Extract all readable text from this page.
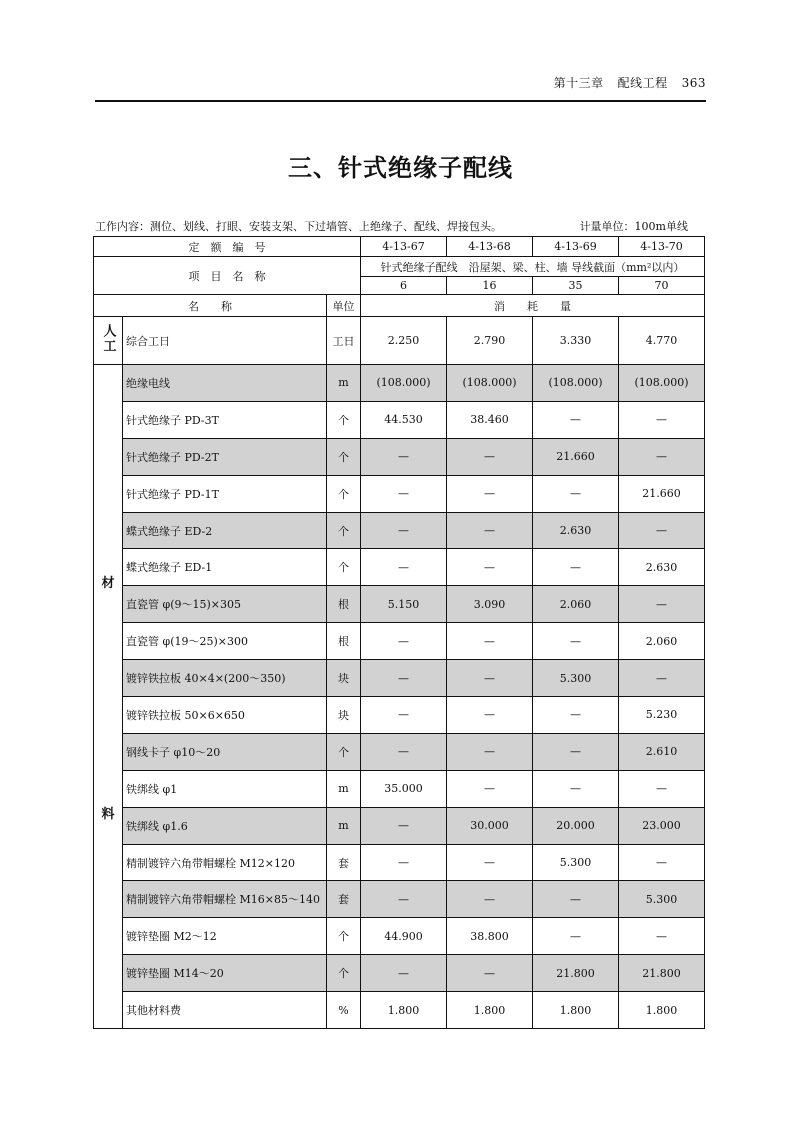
第十三章 配线工程 363
三、针式绝缘子配线
工作内容：测位、划线、打眼、安装支架、下过墙管、上绝缘子、配线、焊接包头。	计量单位：100m单线
定　额　编　号			4-13-67	4-13-68	4-13-69	4-13-70
项　目　名　称			针式绝缘子配线　沿屋架、梁、柱、墙 导线截面（mm²以内）			
			6	16	35	70
名　　称		单位	消　　耗　　量			
人工	综合工日	工日	2.250	2.790	3.330	4.770

材
料	绝缘电线	m	(108.000)	(108.000)	(108.000)	(108.000)
	针式绝缘子 PD-3T	个	44.530	38.460	—	—
	针式绝缘子 PD-2T	个	—	—	21.660	—
	针式绝缘子 PD-1T	个	—	—	—	21.660
	蝶式绝缘子 ED-2	个	—	—	2.630	—
	蝶式绝缘子 ED-1	个	—	—	—	2.630
	直瓷管 φ(9～15)×305	根	5.150	3.090	2.060	—
	直瓷管 φ(19～25)×300	根	—	—	—	2.060
	镀锌铁拉板 40×4×(200～350)	块	—	—	5.300	—
	镀锌铁拉板 50×6×650	块	—	—	—	5.230
	钢线卡子 φ10～20	个	—	—	—	2.610
	铁绑线 φ1	m	35.000	—	—	—
	铁绑线 φ1.6	m	—	30.000	20.000	23.000
	精制镀锌六角带帽螺栓 M12×120	套	—	—	5.300	—
	精制镀锌六角带帽螺栓 M16×85～140	套	—	—	—	5.300
	镀锌垫圈 M2～12	个	44.900	38.800	—	—
	镀锌垫圈 M14～20	个	—	—	21.800	21.800
	其他材料费	%	1.800	1.800	1.800	1.800
